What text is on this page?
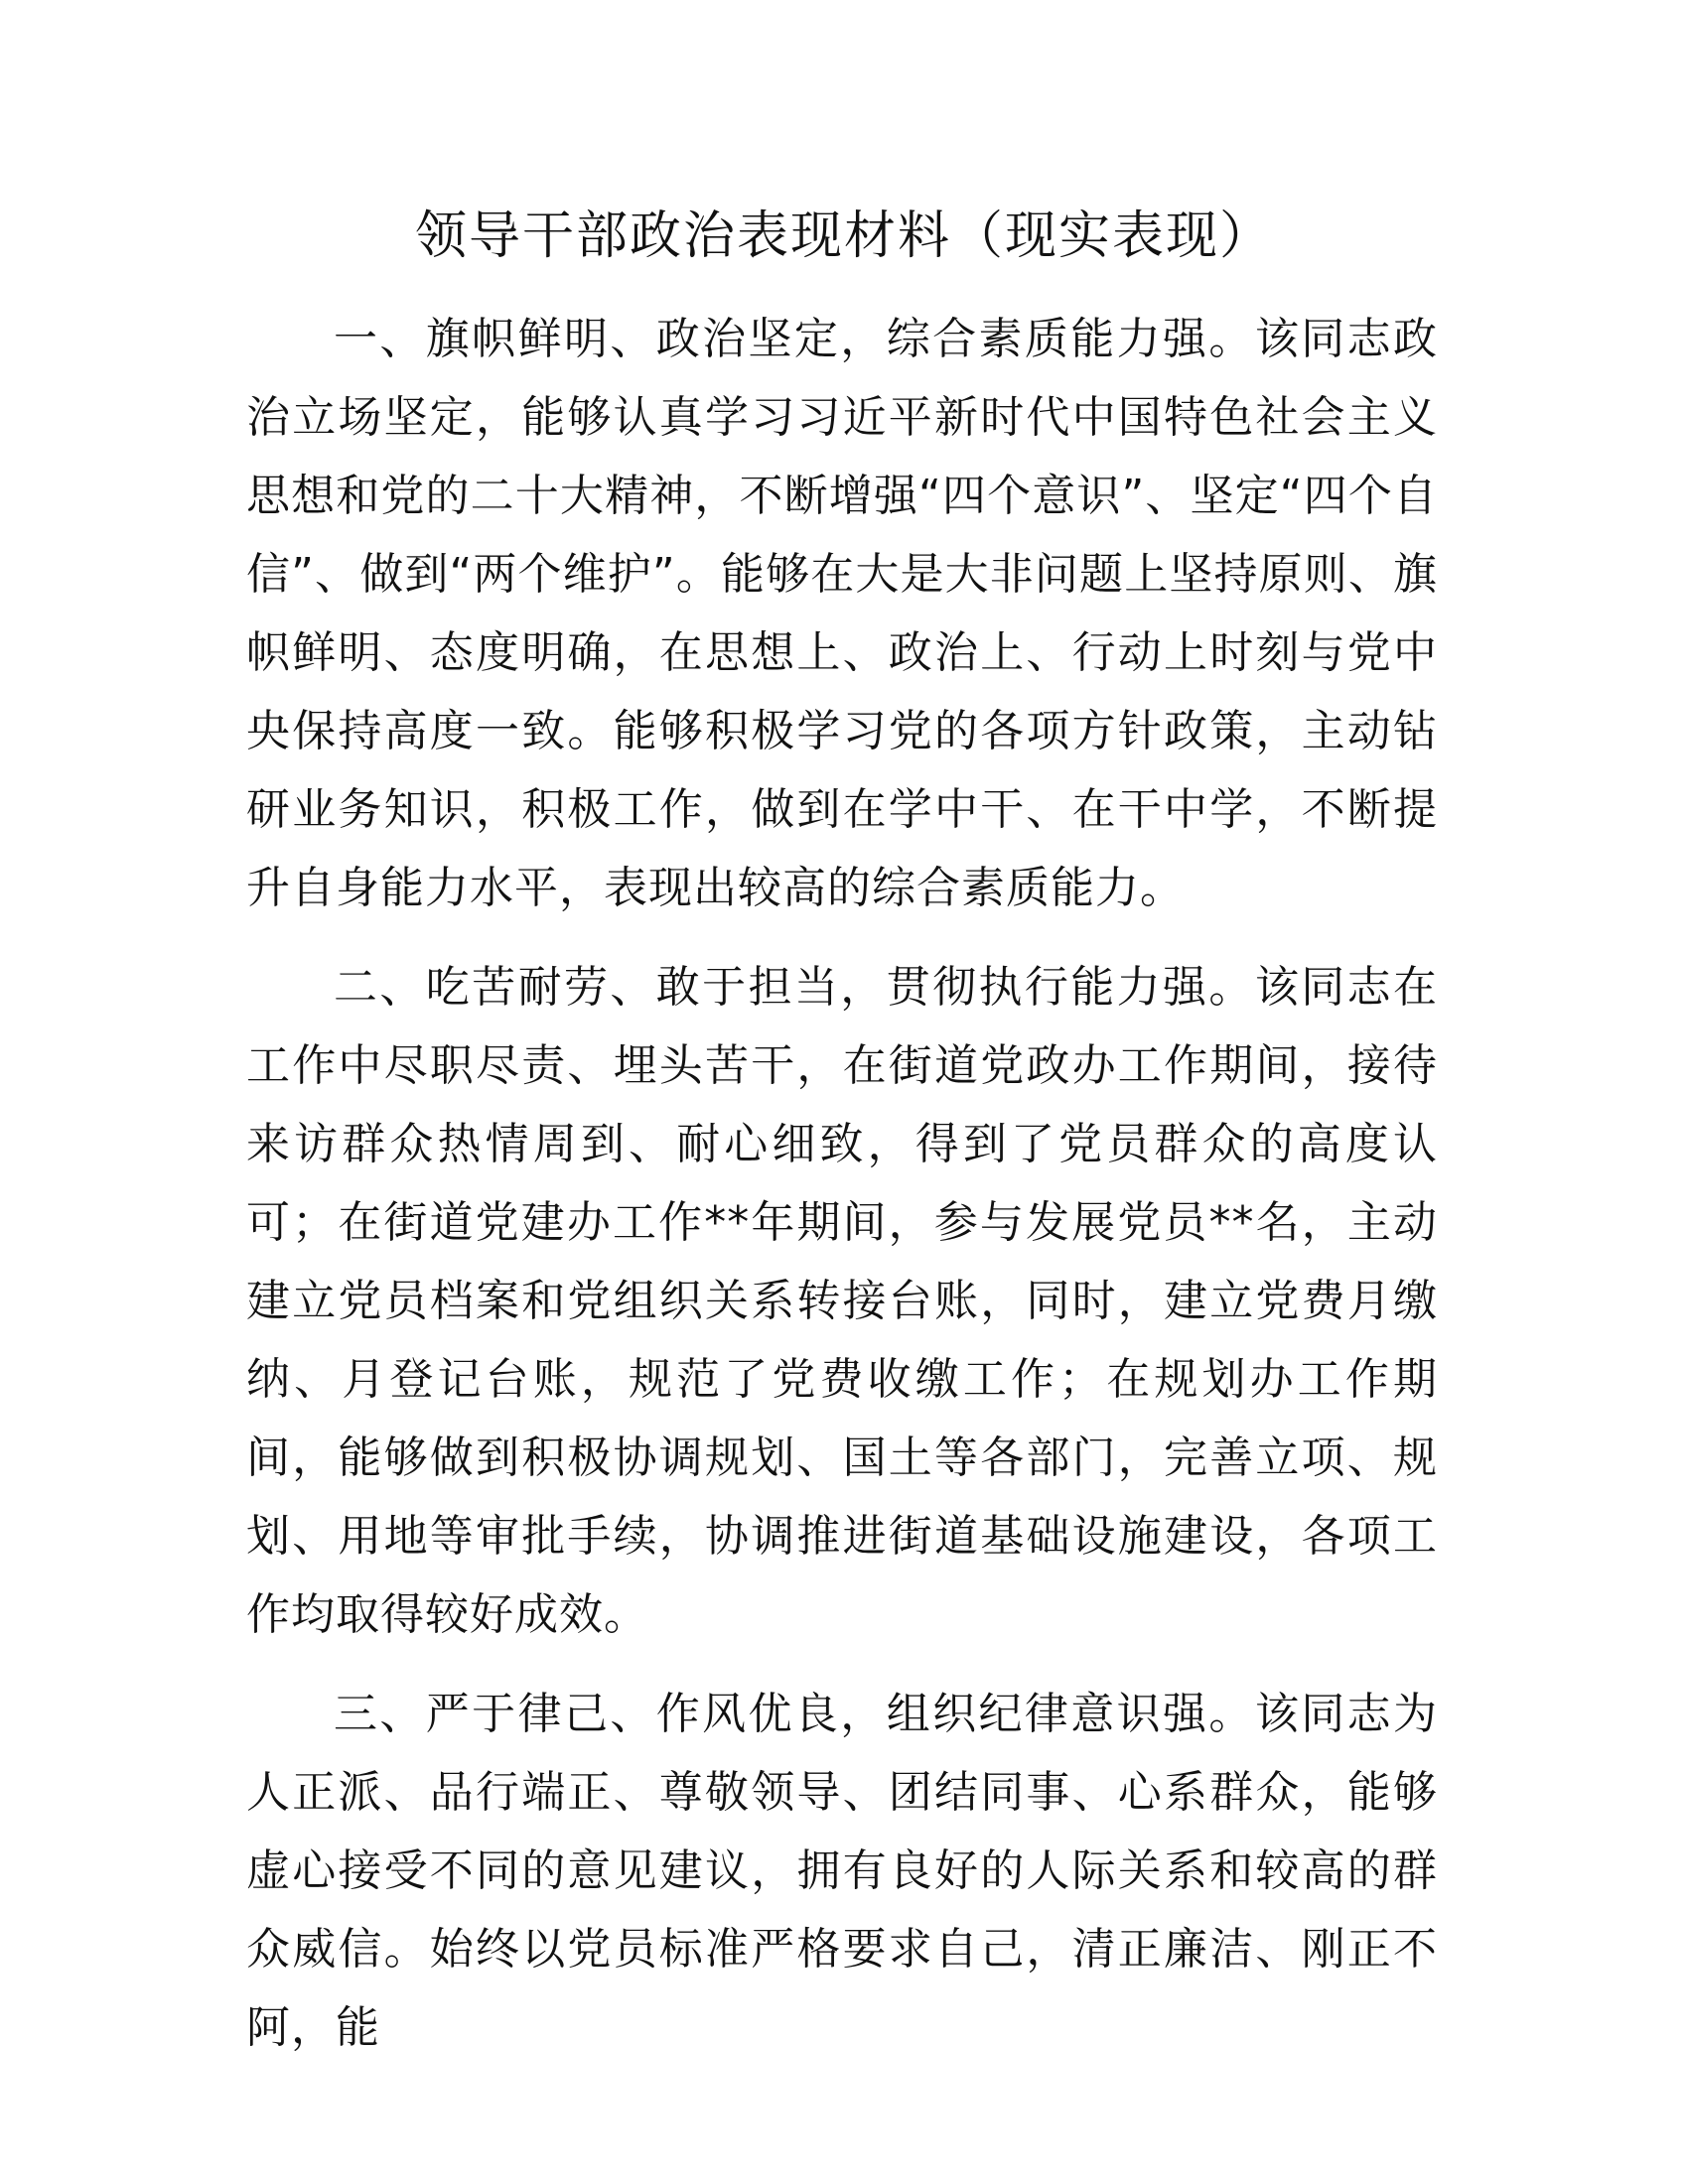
领导干部政治表现材料（现实表现）

一、旗帜鲜明、政治坚定，综合素质能力强。该同志政治立场坚定，能够认真学习习近平新时代中国特色社会主义思想和党的二十大精神，不断增强“四个意识”、坚定“四个自信”、做到“两个维护”。能够在大是大非问题上坚持原则、旗帜鲜明、态度明确，在思想上、政治上、行动上时刻与党中央保持高度一致。能够积极学习党的各项方针政策，主动钻研业务知识，积极工作，做到在学中干、在干中学，不断提升自身能力水平，表现出较高的综合素质能力。

二、吃苦耐劳、敢于担当，贯彻执行能力强。该同志在工作中尽职尽责、埋头苦干，在街道党政办工作期间，接待来访群众热情周到、耐心细致，得到了党员群众的高度认可；在街道党建办工作**年期间，参与发展党员**名，主动建立党员档案和党组织关系转接台账，同时，建立党费月缴纳、月登记台账，规范了党费收缴工作；在规划办工作期间，能够做到积极协调规划、国土等各部门，完善立项、规划、用地等审批手续，协调推进街道基础设施建设，各项工作均取得较好成效。

三、严于律己、作风优良，组织纪律意识强。该同志为人正派、品行端正、尊敬领导、团结同事、心系群众，能够虚心接受不同的意见建议，拥有良好的人际关系和较高的群众威信。始终以党员标准严格要求自己，清正廉洁、刚正不阿，能
